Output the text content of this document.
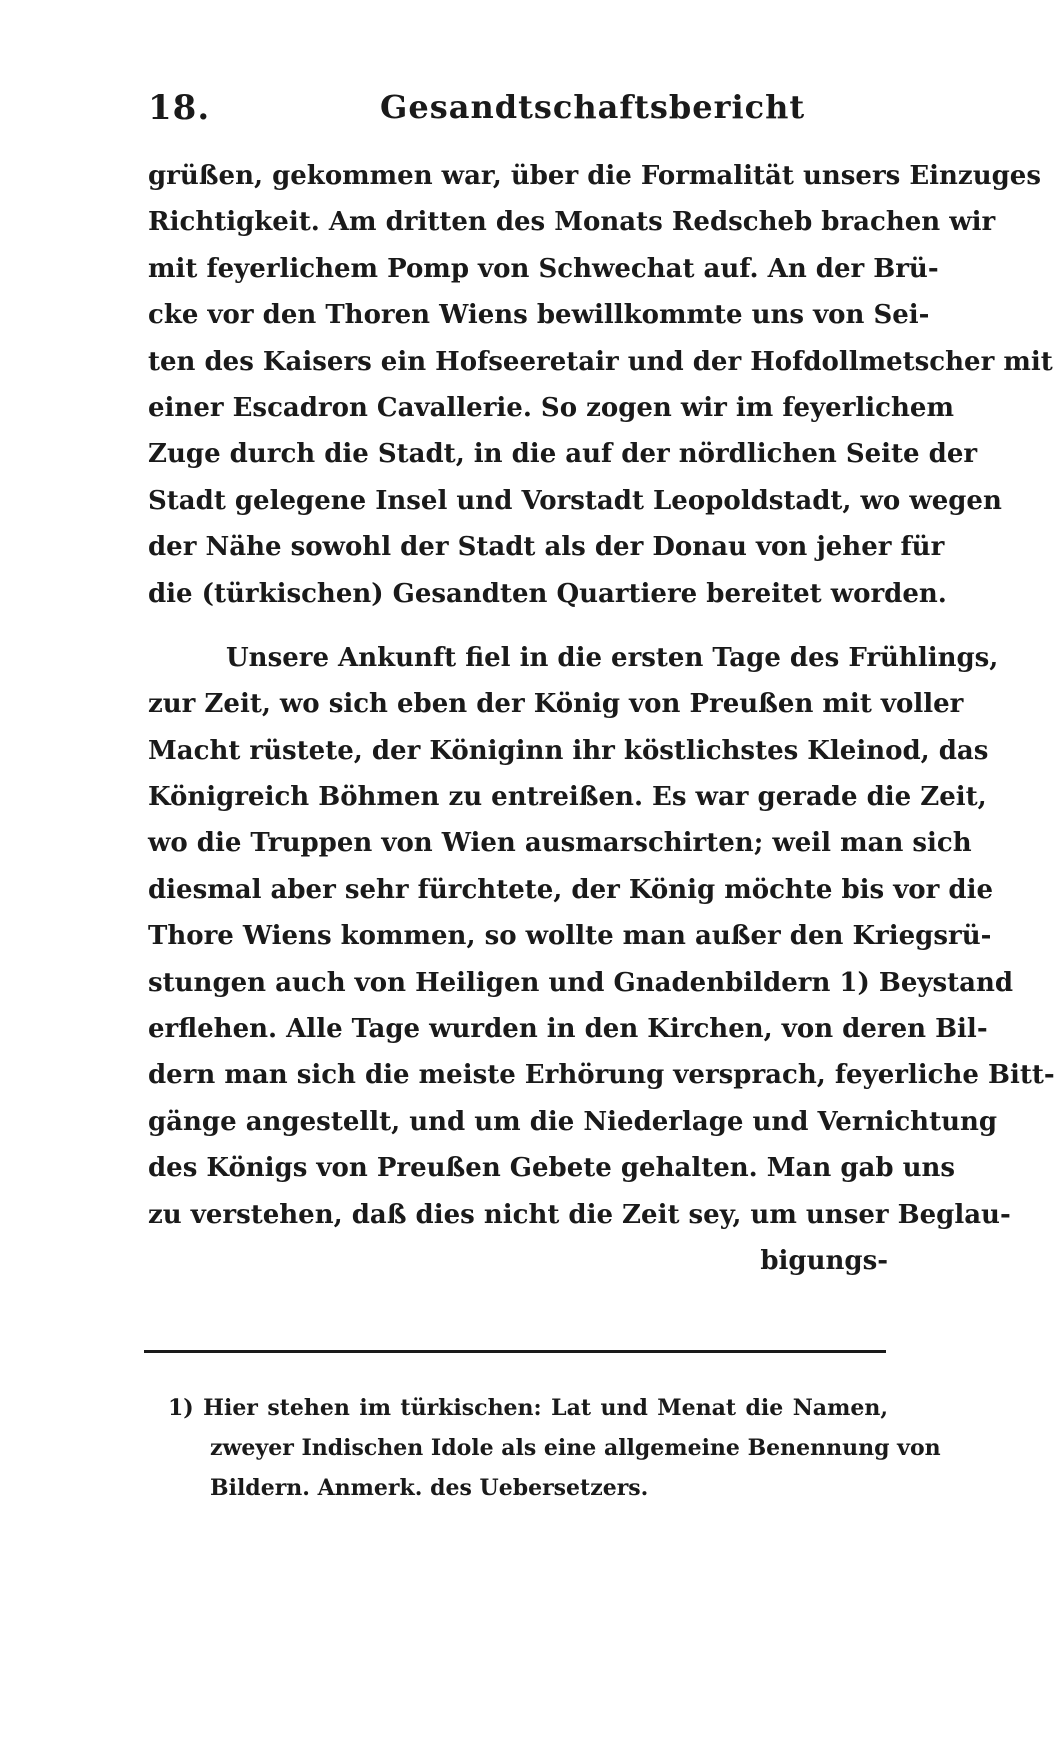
18.	Gesandtschaftsbericht
grüßen, gekommen war, über die Formalität unsers Einzuges
Richtigkeit. Am dritten des Monats Redscheb brachen wir
mit feyerlichem Pomp von Schwechat auf. An der Brü-
cke vor den Thoren Wiens bewillkommte uns von Sei-
ten des Kaisers ein Hofseeretair und der Hofdollmetscher mit
einer Escadron Cavallerie. So zogen wir im feyerlichem
Zuge durch die Stadt, in die auf der nördlichen Seite der
Stadt gelegene Insel und Vorstadt Leopoldstadt, wo wegen
der Nähe sowohl der Stadt als der Donau von jeher für
die (türkischen) Gesandten Quartiere bereitet worden.
Unsere Ankunft fiel in die ersten Tage des Frühlings,
zur Zeit, wo sich eben der König von Preußen mit voller
Macht rüstete, der Königinn ihr köstlichstes Kleinod, das
Königreich Böhmen zu entreißen. Es war gerade die Zeit,
wo die Truppen von Wien ausmarschirten; weil man sich
diesmal aber sehr fürchtete, der König möchte bis vor die
Thore Wiens kommen, so wollte man außer den Kriegsrü-
stungen auch von Heiligen und Gnadenbildern 1) Beystand
erflehen. Alle Tage wurden in den Kirchen, von deren Bil-
dern man sich die meiste Erhörung versprach, feyerliche Bitt-
gänge angestellt, und um die Niederlage und Vernichtung
des Königs von Preußen Gebete gehalten. Man gab uns
zu verstehen, daß dies nicht die Zeit sey, um unser Beglau-
bigungs-
1) Hier stehen im türkischen: Lat und Menat die Namen,
zweyer Indischen Idole als eine allgemeine Benennung von
Bildern. Anmerk. des Uebersetzers.
